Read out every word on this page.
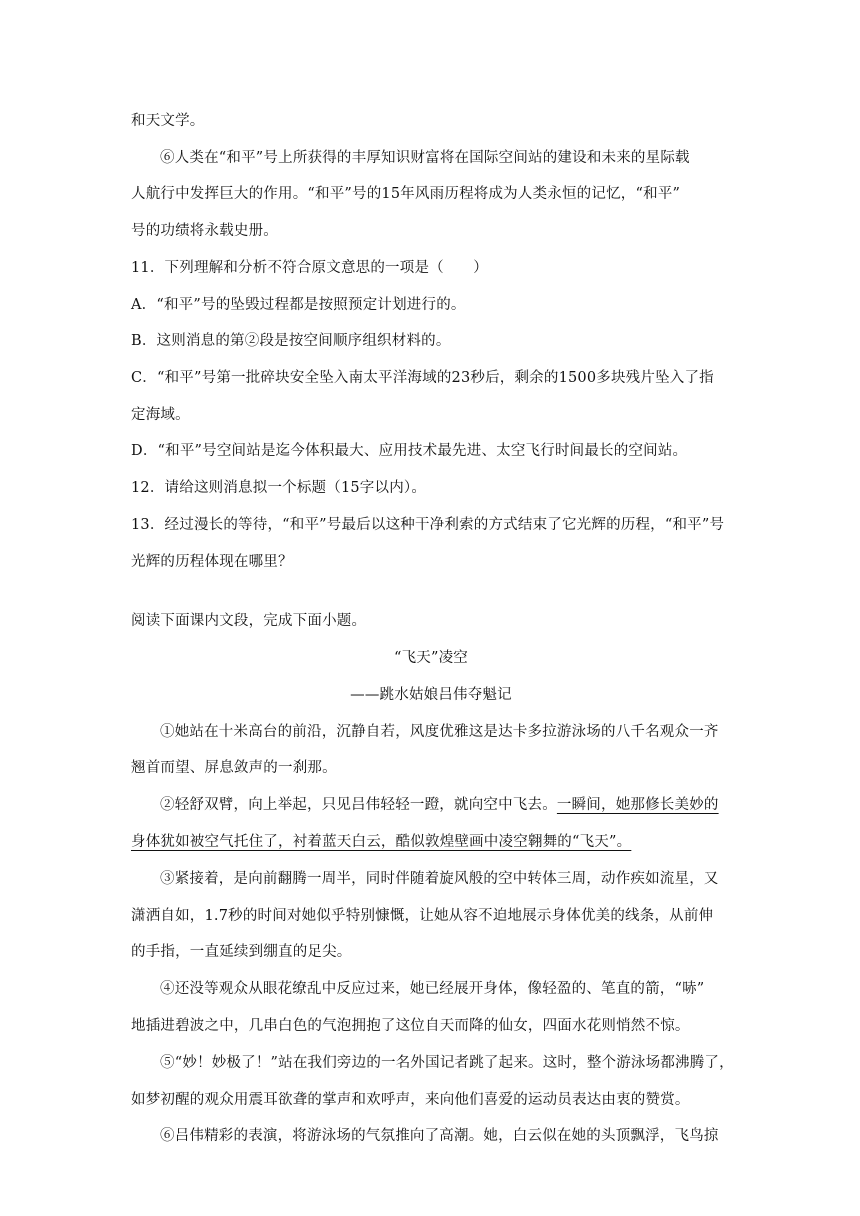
和天文学。
⑥人类在“和平”号上所获得的丰厚知识财富将在国际空间站的建设和未来的星际载
人航行中发挥巨大的作用。“和平”号的15年风雨历程将成为人类永恒的记忆，“和平”
号的功绩将永载史册。
11．下列理解和分析不符合原文意思的一项是（　　）
A．“和平”号的坠毁过程都是按照预定计划进行的。
B．这则消息的第②段是按空间顺序组织材料的。
C．“和平”号第一批碎块安全坠入南太平洋海域的23秒后，剩余的1500多块残片坠入了指
定海域。
D．“和平”号空间站是迄今体积最大、应用技术最先进、太空飞行时间最长的空间站。
12．请给这则消息拟一个标题（15字以内）。
13．经过漫长的等待，“和平”号最后以这种干净利索的方式结束了它光辉的历程，“和平”号
光辉的历程体现在哪里？
阅读下面课内文段，完成下面小题。
“飞天”凌空
——跳水姑娘吕伟夺魁记
①她站在十米高台的前沿，沉静自若，风度优雅这是达卡多拉游泳场的八千名观众一齐
翘首而望、屏息敛声的一刹那。
②轻舒双臂，向上举起，只见吕伟轻轻一蹬，就向空中飞去。一瞬间，她那修长美妙的
身体犹如被空气托住了，衬着蓝天白云，酷似敦煌壁画中凌空翱舞的“飞天”。
③紧接着，是向前翻腾一周半，同时伴随着旋风般的空中转体三周，动作疾如流星，又
潇洒自如，1.7秒的时间对她似乎特别慷慨，让她从容不迫地展示身体优美的线条，从前伸
的手指，一直延续到绷直的足尖。
④还没等观众从眼花缭乱中反应过来，她已经展开身体，像轻盈的、笔直的箭，“哧”
地插进碧波之中，几串白色的气泡拥抱了这位自天而降的仙女，四面水花则悄然不惊。
⑤“妙！妙极了！”站在我们旁边的一名外国记者跳了起来。这时，整个游泳场都沸腾了，
如梦初醒的观众用震耳欲聋的掌声和欢呼声，来向他们喜爱的运动员表达由衷的赞赏。
⑥吕伟精彩的表演，将游泳场的气氛推向了高潮。她，白云似在她的头顶飘浮，飞鸟掠
